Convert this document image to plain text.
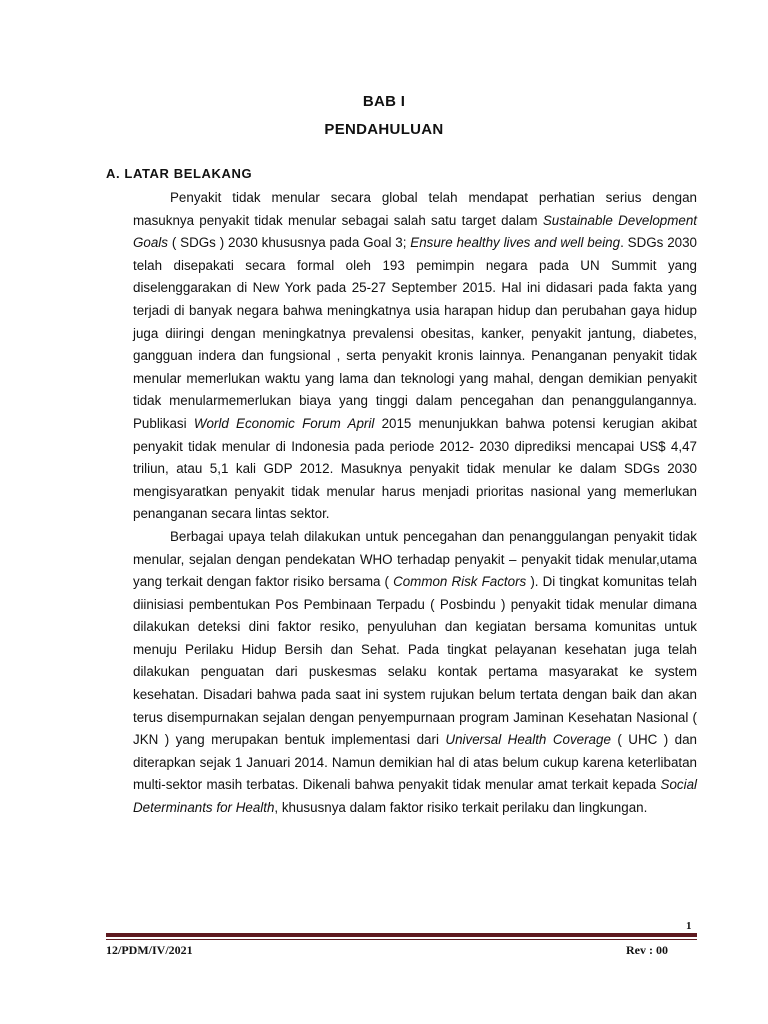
BAB I
PENDAHULUAN
A. LATAR BELAKANG

Penyakit tidak menular secara global telah mendapat perhatian serius dengan masuknya penyakit tidak menular sebagai salah satu target dalam Sustainable Development Goals ( SDGs ) 2030 khususnya pada Goal 3; Ensure healthy lives and well being. SDGs 2030 telah disepakati secara formal oleh 193 pemimpin negara pada UN Summit yang diselenggarakan di New York pada 25-27 September 2015. Hal ini didasari pada fakta yang terjadi di banyak negara bahwa meningkatnya usia harapan hidup dan perubahan gaya hidup juga diiringi dengan meningkatnya prevalensi obesitas, kanker, penyakit jantung, diabetes, gangguan indera dan fungsional , serta penyakit kronis lainnya. Penanganan penyakit tidak menular memerlukan waktu yang lama dan teknologi yang mahal, dengan demikian penyakit tidak menularmemerlukan biaya yang tinggi dalam pencegahan dan penanggulangannya. Publikasi World Economic Forum April 2015 menunjukkan bahwa potensi kerugian akibat penyakit tidak menular di Indonesia pada periode 2012- 2030 diprediksi mencapai US$ 4,47 triliun, atau 5,1 kali GDP 2012. Masuknya penyakit tidak menular ke dalam SDGs 2030 mengisyaratkan penyakit tidak menular harus menjadi prioritas nasional yang memerlukan penanganan secara lintas sektor.

Berbagai upaya telah dilakukan untuk pencegahan dan penanggulangan penyakit tidak menular, sejalan dengan pendekatan WHO terhadap penyakit – penyakit tidak menular,utama yang terkait dengan faktor risiko bersama ( Common Risk Factors ). Di tingkat komunitas telah diinisiasi pembentukan Pos Pembinaan Terpadu ( Posbindu ) penyakit tidak menular dimana dilakukan deteksi dini faktor resiko, penyuluhan dan kegiatan bersama komunitas untuk menuju Perilaku Hidup Bersih dan Sehat. Pada tingkat pelayanan kesehatan juga telah dilakukan penguatan dari puskesmas selaku kontak pertama masyarakat ke system kesehatan. Disadari bahwa pada saat ini system rujukan belum tertata dengan baik dan akan terus disempurnakan sejalan dengan penyempurnaan program Jaminan Kesehatan Nasional ( JKN ) yang merupakan bentuk implementasi dari Universal Health Coverage ( UHC ) dan diterapkan sejak 1 Januari 2014. Namun demikian hal di atas belum cukup karena keterlibatan multi-sektor masih terbatas. Dikenali bahwa penyakit tidak menular amat terkait kepada Social Determinants for Health, khususnya dalam faktor risiko terkait perilaku dan lingkungan.

1
12/PDM/IV/2021	Rev : 00
